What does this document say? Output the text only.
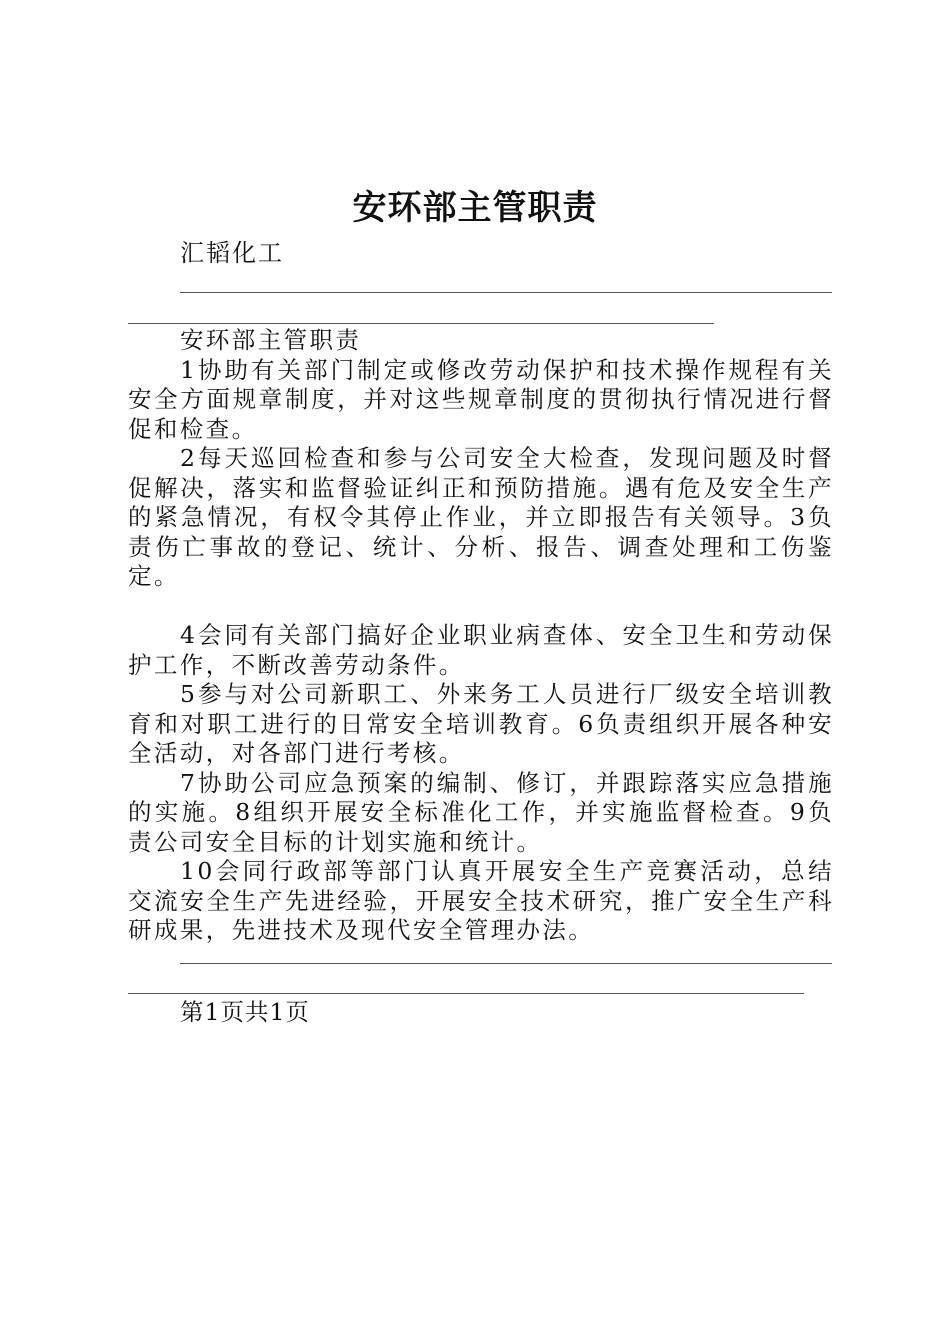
安环部主管职责
汇韬化工

安环部主管职责

1协助有关部门制定或修改劳动保护和技术操作规程有关安全方面规章制度，并对这些规章制度的贯彻执行情况进行督促和检查。

2每天巡回检查和参与公司安全大检查，发现问题及时督促解决，落实和监督验证纠正和预防措施。遇有危及安全生产的紧急情况，有权令其停止作业，并立即报告有关领导。3负责伤亡事故的登记、统计、分析、报告、调查处理和工伤鉴定。

4会同有关部门搞好企业职业病查体、安全卫生和劳动保护工作，不断改善劳动条件。

5参与对公司新职工、外来务工人员进行厂级安全培训教育和对职工进行的日常安全培训教育。6负责组织开展各种安全活动，对各部门进行考核。

7协助公司应急预案的编制、修订，并跟踪落实应急措施的实施。8组织开展安全标准化工作，并实施监督检查。9负责公司安全目标的计划实施和统计。

10会同行政部等部门认真开展安全生产竞赛活动，总结交流安全生产先进经验，开展安全技术研究，推广安全生产科研成果，先进技术及现代安全管理办法。

第1页共1页
